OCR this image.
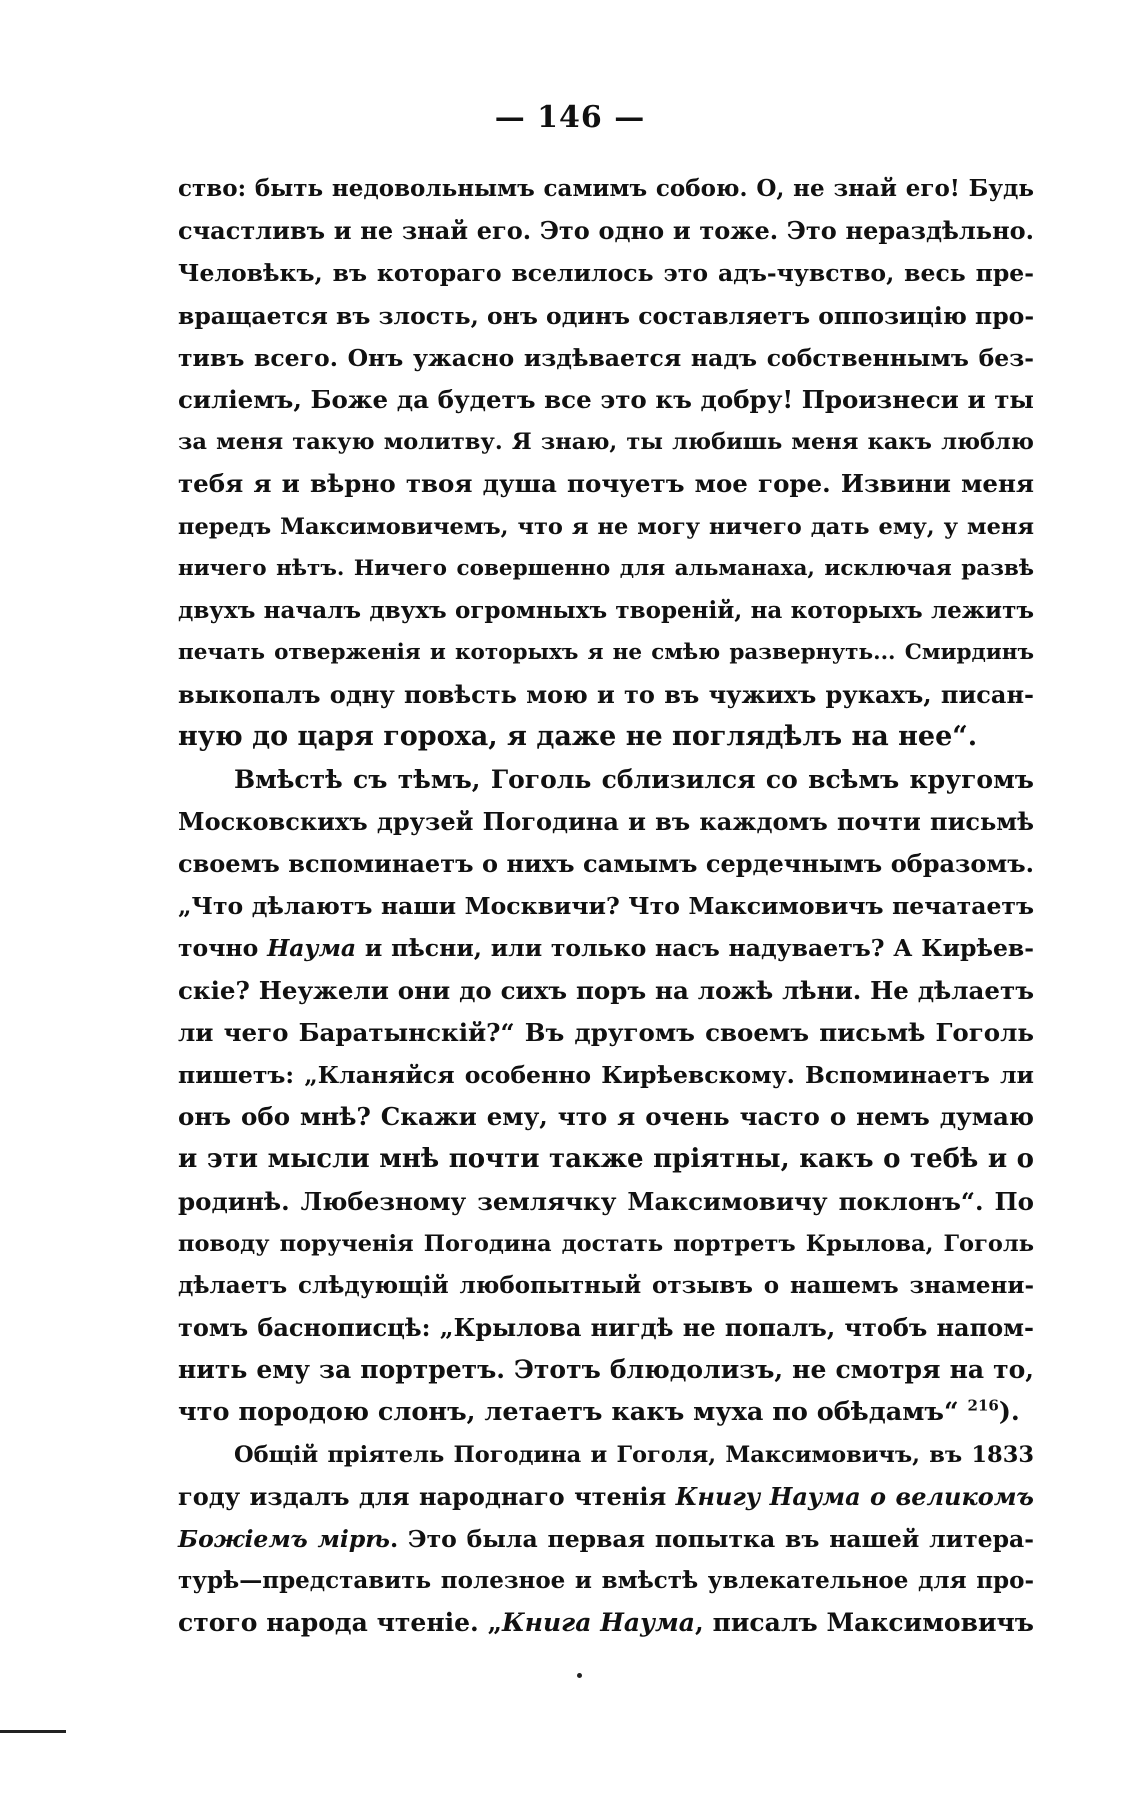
— 146 —
ство: быть недовольнымъ самимъ собою. О, не знай его! Будь
счастливъ и не знай его. Это одно и тоже. Это нераздѣльно.
Человѣкъ, въ котораго вселилось это адъ-чувство, весь пре-
вращается въ злость, онъ одинъ составляетъ оппозицію про-
тивъ всего. Онъ ужасно издѣвается надъ собственнымъ без-
силіемъ, Боже да будетъ все это къ добру! Произнеси и ты
за меня такую молитву. Я знаю, ты любишь меня какъ люблю
тебя я и вѣрно твоя душа почуетъ мое горе. Извини меня
передъ Максимовичемъ, что я не могу ничего дать ему, у меня
ничего нѣтъ. Ничего совершенно для альманаха, исключая развѣ
двухъ началъ двухъ огромныхъ твореній, на которыхъ лежитъ
печать отверженія и которыхъ я не смѣю развернуть... Смирдинъ
выкопалъ одну повѣсть мою и то въ чужихъ рукахъ, писан-
ную до царя гороха, я даже не поглядѣлъ на нее“.
Вмѣстѣ съ тѣмъ, Гоголь сблизился со всѣмъ кругомъ
Московскихъ друзей Погодина и въ каждомъ почти письмѣ
своемъ вспоминаетъ о нихъ самымъ сердечнымъ образомъ.
„Что дѣлаютъ наши Москвичи? Что Максимовичъ печатаетъ
точно Наума и пѣсни, или только насъ надуваетъ? А Кирѣев-
скіе? Неужели они до сихъ поръ на ложѣ лѣни. Не дѣлаетъ
ли чего Баратынскій?“ Въ другомъ своемъ письмѣ Гоголь
пишетъ: „Кланяйся особенно Кирѣевскому. Вспоминаетъ ли
онъ обо мнѣ? Скажи ему, что я очень часто о немъ думаю
и эти мысли мнѣ почти также пріятны, какъ о тебѣ и о
родинѣ. Любезному землячку Максимовичу поклонъ“. По
поводу порученія Погодина достать портретъ Крылова, Гоголь
дѣлаетъ слѣдующій любопытный отзывъ о нашемъ знамени-
томъ баснописцѣ: „Крылова нигдѣ не попалъ, чтобъ напом-
нить ему за портретъ. Этотъ блюдолизъ, не смотря на то,
что породою слонъ, летаетъ какъ муха по обѣдамъ“ $^{216}$).
Общій пріятель Погодина и Гоголя, Максимовичъ, въ 1833
году издалъ для народнаго чтенія Книгу Наума о великомъ
Божіемъ мірѣ. Это была первая попытка въ нашей литера-
турѣ—представить полезное и вмѣстѣ увлекательное для про-
стого народа чтеніе. „Книга Наума, писалъ Максимовичъ
